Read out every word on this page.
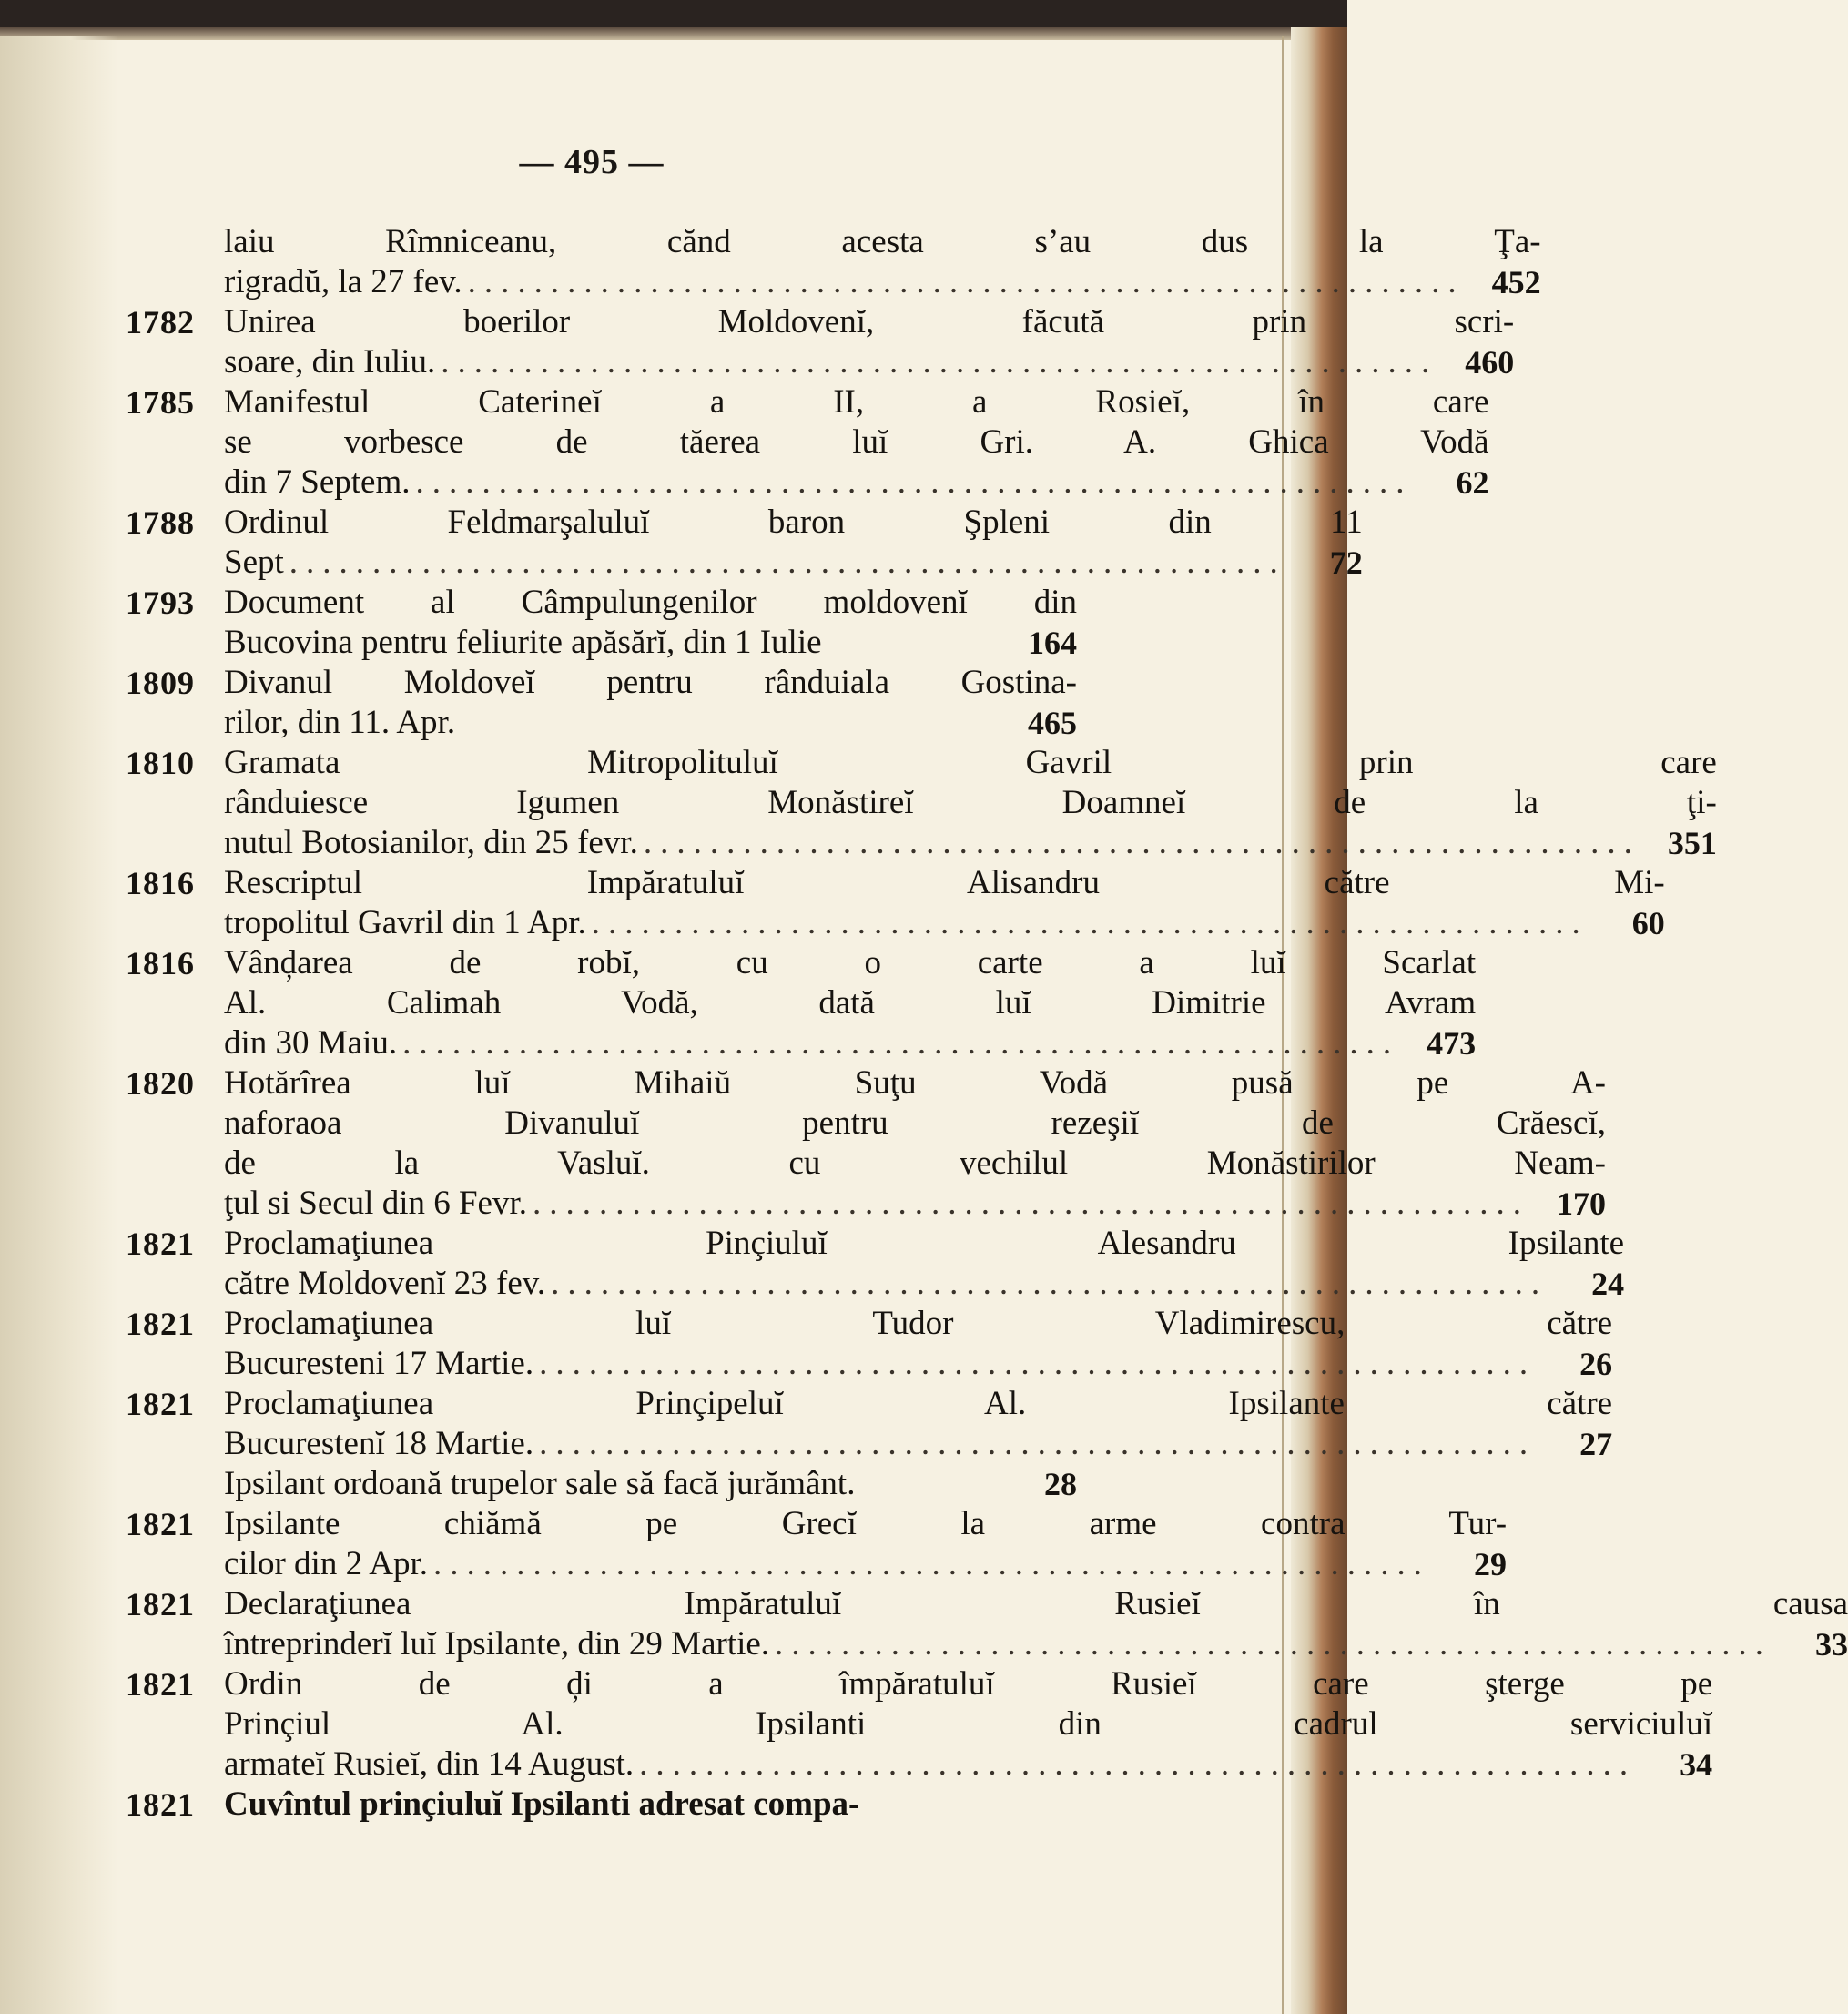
— 495 —
laiu Rîmniceanu, cănd acesta s’au dus la Ţa-
rigradŭ, la 27 fev. ............................................................ 452
1782 Unirea boerilor Moldovenĭ, făcută prin scri-
soare, din Iuliu. ............................................................ 460
1785 Manifestul Caterineĭ a II, a Rosieĭ, în care
se vorbesce de tăerea luĭ Gri. A. Ghica Vodă
din 7 Septem. ............................................................	62
1788 Ordinul Feldmarşaluluĭ baron Şpleni din 11
Sept ............................................................	72
1793 Document al Câmpulungenilor moldovenĭ din
Bucovina pentru feliurite apăsărĭ, din 1 Iulie	164
1809 Divanul Moldoveĭ pentru rânduiala Gostina-
rilor, din 11. Apr.	465
1810 Gramata Mitropolituluĭ Gavril prin care
rânduiesce Igumen Monăstireĭ Doamneĭ de la ţi-
nutul Botosianilor, din 25 fevr. ............................................................ 351
1816 Rescriptul Impăratuluĭ Alisandru către Mi-
tropolitul Gavril din 1 Apr. ............................................................	60
1816 Vânḑarea de robĭ, cu o carte a luĭ Scarlat
Al. Calimah Vodă, dată luĭ Dimitrie Avram
din 30 Maiu. ............................................................ 473
1820 Hotărîrea luĭ Mihaiŭ Suţu Vodă pusă pe A-
naforaoa Divanuluĭ pentru rezeşiĭ de Crăescĭ,
de la Vasluĭ. cu vechilul Monăstirilor Neam-
ţul si Secul din 6 Fevr. ............................................................ 170
1821 Proclamaţiunea Pinçiuluĭ Alesandru Ipsilante
către Moldovenĭ 23 fev. ............................................................	24
1821 Proclamaţiunea luĭ Tudor Vladimirescu, către
Bucuresteni 17 Martie. ............................................................	26
1821 Proclamaţiunea Prinçipeluĭ Al. Ipsilante către
Bucurestenĭ 18 Martie. ............................................................	27
Ipsilant ordoană trupelor sale să facă jurământ.	28
1821 Ipsilante chiămă pe Grecĭ la arme contra Tur-
cilor din 2 Apr. ............................................................	29
1821 Declaraţiunea Impăratuluĭ Rusieĭ în causa
întreprinderĭ luĭ Ipsilante, din 29 Martie. ............................................................	33
1821 Ordin de ḑi a împăratuluĭ Rusieĭ care şterge pe
Prinçiul Al. Ipsilanti din cadrul serviciuluĭ
armateĭ Rusieĭ, din 14 August. ............................................................	34
1821 Cuvîntul prinçiuluĭ Ipsilanti adresat compa-
